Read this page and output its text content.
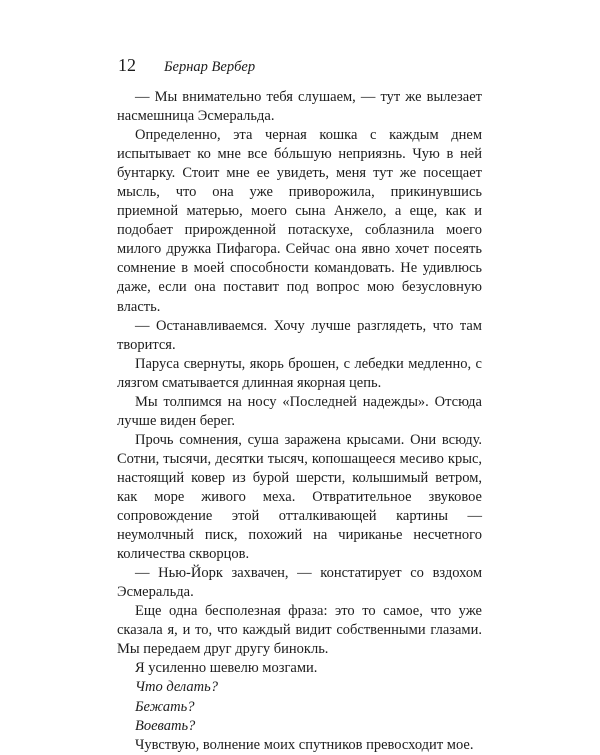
12	Бернар Вербер

— Мы внимательно тебя слушаем, — тут же вылезает насмешница Эсмеральда.

Определенно, эта черная кошка с каждым днем испытывает ко мне все бóльшую неприязнь. Чую в ней бунтарку. Стоит мне ее увидеть, меня тут же посещает мысль, что она уже приворожила, прикинувшись приемной матерью, моего сына Анжело, а еще, как и подобает прирожденной потаскухе, соблазнила моего милого дружка Пифагора. Сейчас она явно хочет посеять сомнение в моей способности командовать. Не удивлюсь даже, если она поставит под вопрос мою безусловную власть.

— Останавливаемся. Хочу лучше разглядеть, что там творится.

Паруса свернуты, якорь брошен, с лебедки медленно, с лязгом сматывается длинная якорная цепь.

Мы толпимся на носу «Последней надежды». Отсюда лучше виден берег.

Прочь сомнения, суша заражена крысами. Они всюду. Сотни, тысячи, десятки тысяч, копошащееся месиво крыс, настоящий ковер из бурой шерсти, колышимый ветром, как море живого меха. Отвратительное звуковое сопровождение этой отталкивающей картины — неумолчный писк, похожий на чириканье несчетного количества скворцов.

— Нью-Йорк захвачен, — констатирует со вздохом Эсмеральда.

Еще одна бесполезная фраза: это то самое, что уже сказала я, и то, что каждый видит собственными глазами. Мы передаем друг другу бинокль.

Я усиленно шевелю мозгами.

Что делать?

Бежать?

Воевать?

Чувствую, волнение моих спутников превосходит мое.
